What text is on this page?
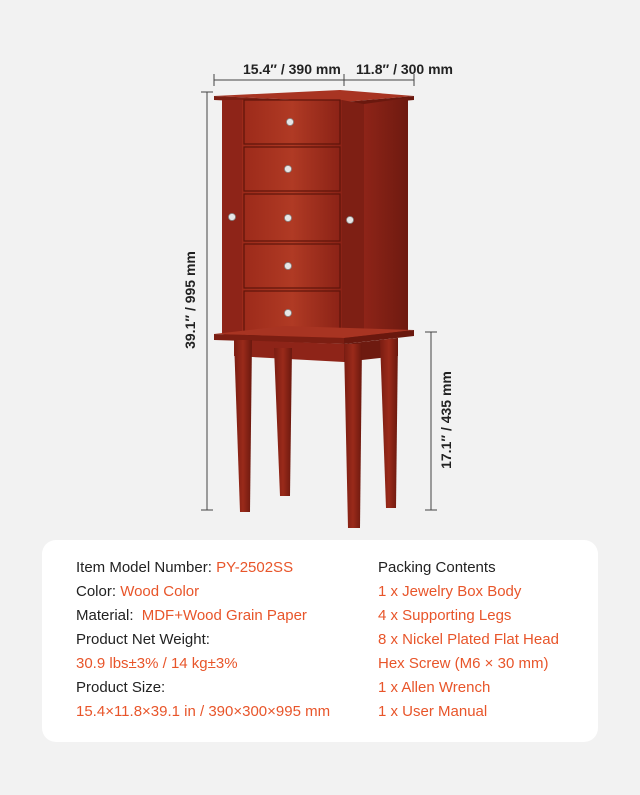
15.4″ / 390 mm 11.8″ / 300 mm
39.1″ / 995 mm
17.1″ / 435 mm
Item Model Number: PY-2502SS
Color: Wood Color
Material: MDF+Wood Grain Paper
Product Net Weight:
30.9 lbs±3% / 14 kg±3%
Product Size:
15.4×11.8×39.1 in / 390×300×995 mm
Packing Contents
1 x Jewelry Box Body
4 x Supporting Legs
8 x Nickel Plated Flat Head
Hex Screw (M6 × 30 mm)
1 x Allen Wrench
1 x User Manual
